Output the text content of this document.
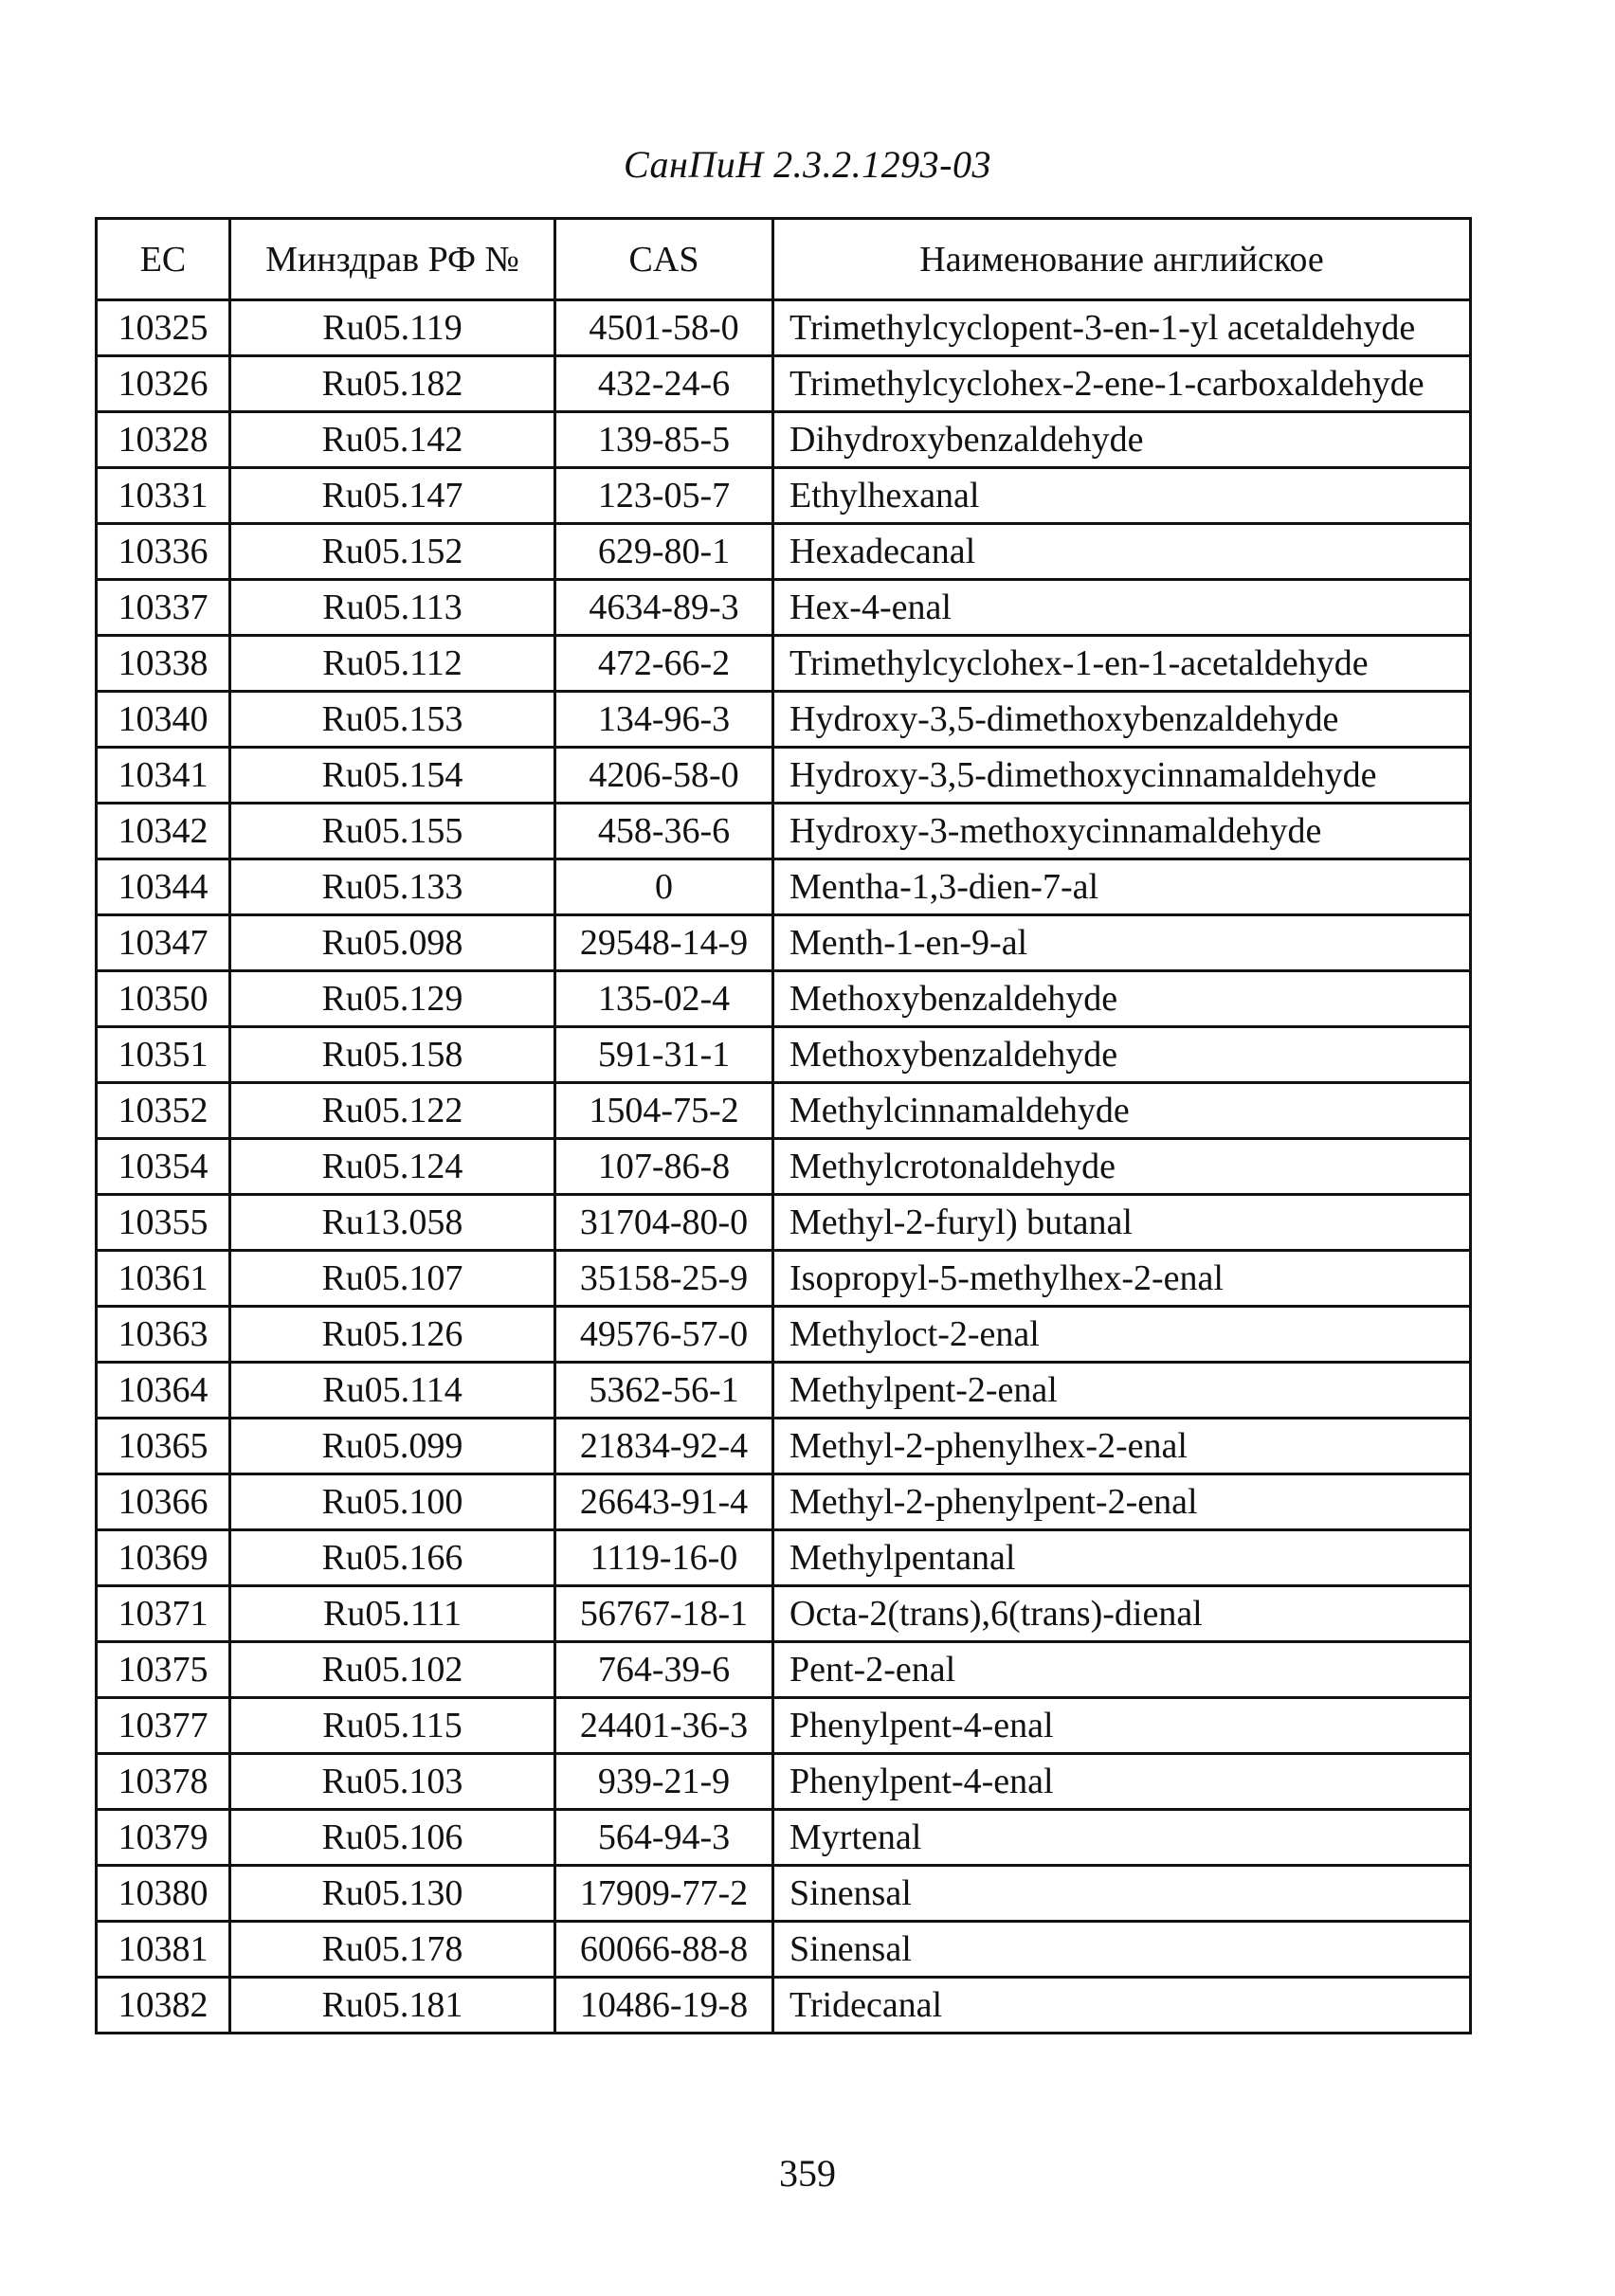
СанПиН 2.3.2.1293-03
EC	Минздрав РФ №	CAS	Наименование английское
10325	Ru05.119	4501-58-0	Trimethylcyclopent-3-en-1-yl acetaldehyde
10326	Ru05.182	432-24-6	Trimethylcyclohex-2-ene-1-carboxaldehyde
10328	Ru05.142	139-85-5	Dihydroxybenzaldehyde
10331	Ru05.147	123-05-7	Ethylhexanal
10336	Ru05.152	629-80-1	Hexadecanal
10337	Ru05.113	4634-89-3	Hex-4-enal
10338	Ru05.112	472-66-2	Trimethylcyclohex-1-en-1-acetaldehyde
10340	Ru05.153	134-96-3	Hydroxy-3,5-dimethoxybenzaldehyde
10341	Ru05.154	4206-58-0	Hydroxy-3,5-dimethoxycinnamaldehyde
10342	Ru05.155	458-36-6	Hydroxy-3-methoxycinnamaldehyde
10344	Ru05.133	0	Mentha-1,3-dien-7-al
10347	Ru05.098	29548-14-9	Menth-1-en-9-al
10350	Ru05.129	135-02-4	Methoxybenzaldehyde
10351	Ru05.158	591-31-1	Methoxybenzaldehyde
10352	Ru05.122	1504-75-2	Methylcinnamaldehyde
10354	Ru05.124	107-86-8	Methylcrotonaldehyde
10355	Ru13.058	31704-80-0	Methyl-2-furyl) butanal
10361	Ru05.107	35158-25-9	Isopropyl-5-methylhex-2-enal
10363	Ru05.126	49576-57-0	Methyloct-2-enal
10364	Ru05.114	5362-56-1	Methylpent-2-enal
10365	Ru05.099	21834-92-4	Methyl-2-phenylhex-2-enal
10366	Ru05.100	26643-91-4	Methyl-2-phenylpent-2-enal
10369	Ru05.166	1119-16-0	Methylpentanal
10371	Ru05.111	56767-18-1	Octa-2(trans),6(trans)-dienal
10375	Ru05.102	764-39-6	Pent-2-enal
10377	Ru05.115	24401-36-3	Phenylpent-4-enal
10378	Ru05.103	939-21-9	Phenylpent-4-enal
10379	Ru05.106	564-94-3	Myrtenal
10380	Ru05.130	17909-77-2	Sinensal
10381	Ru05.178	60066-88-8	Sinensal
10382	Ru05.181	10486-19-8	Tridecanal
359
